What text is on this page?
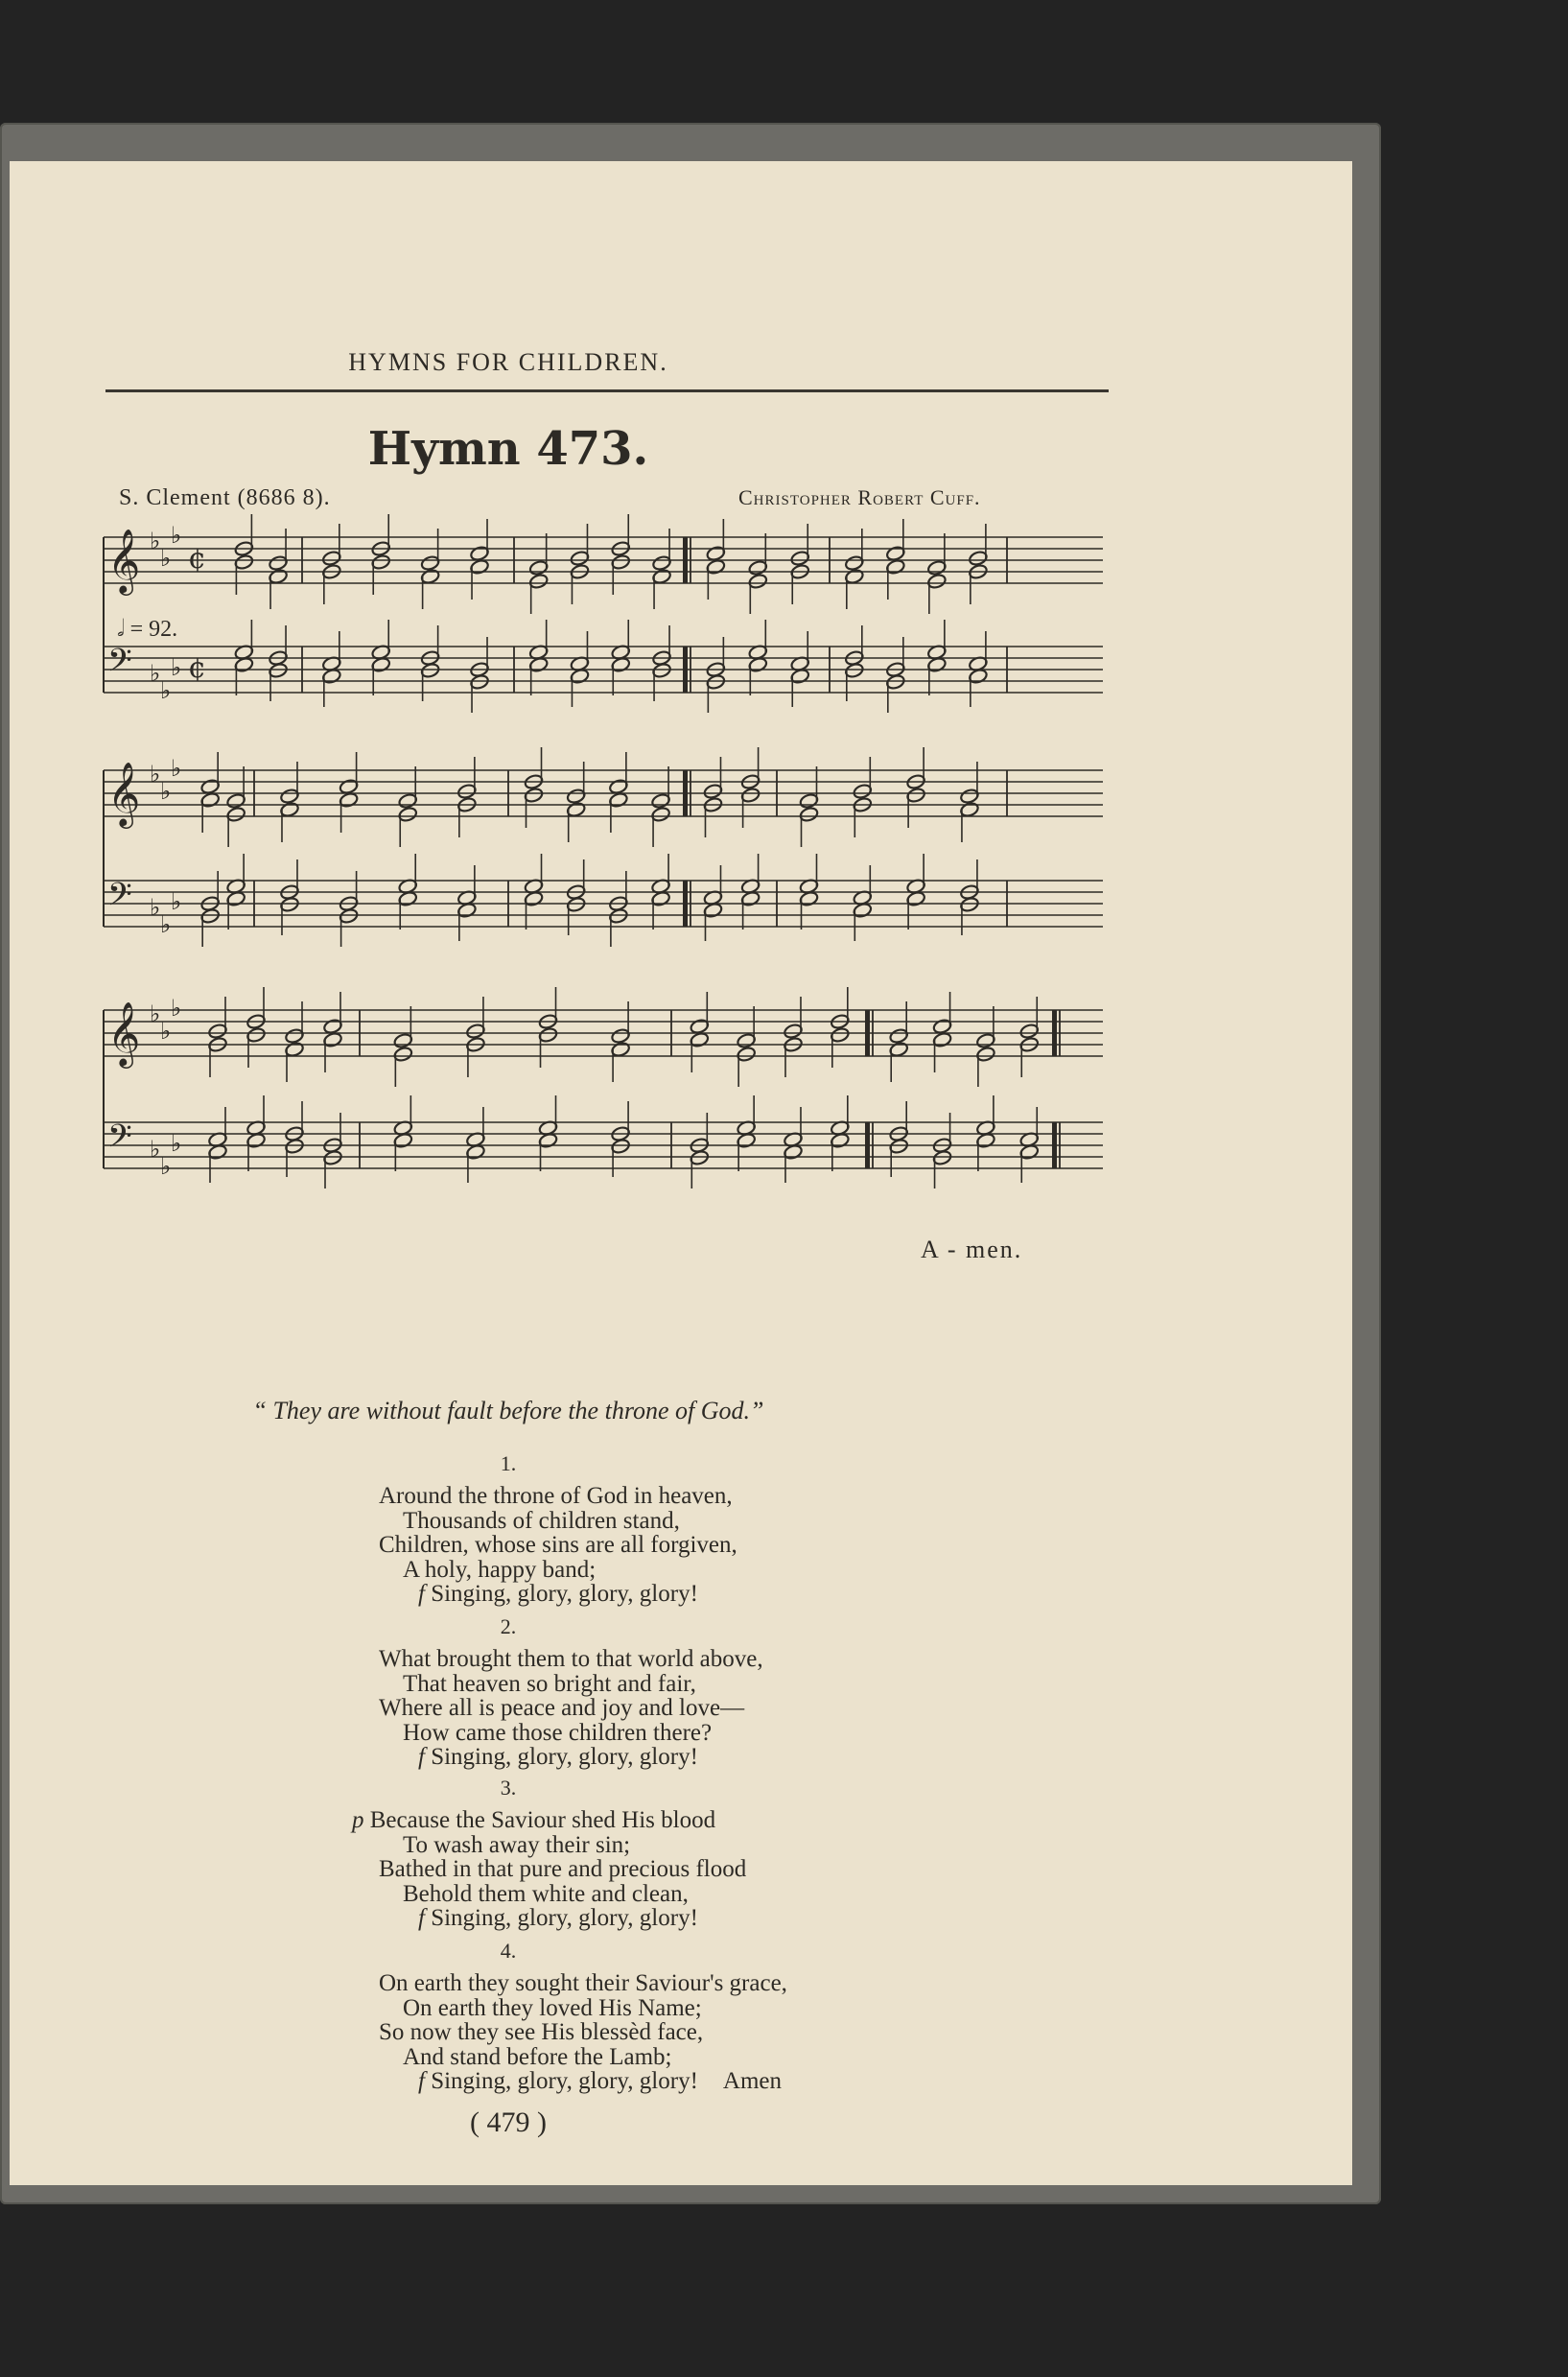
HYMNS FOR CHILDREN.
Hymn 473.
S. Clement (8686 8).	Christopher Robert Cuff.
𝄞 ♭
♭
♭
¢
𝄢 ♭
♭
♭ ¢
𝄞 ♭
♭
♭
𝄢 ♭
♭
♭
𝄞 ♭
♭
♭
𝄢 ♭
♭
♭
𝅗𝅥 = 92.
A - men.
“ They are without fault before the throne of God.”
1.
Around the throne of God in heaven,
Thousands of children stand,
Children, whose sins are all forgiven,
A holy, happy band;
f Singing, glory, glory, glory!
2.
What brought them to that world above,
That heaven so bright and fair,
Where all is peace and joy and love—
How came those children there?
f Singing, glory, glory, glory!
3.
p Because the Saviour shed His blood
To wash away their sin;
Bathed in that pure and precious flood
Behold them white and clean,
f Singing, glory, glory, glory!
4.
On earth they sought their Saviour's grace,
On earth they loved His Name;
So now they see His blessèd face,
And stand before the Lamb;
f Singing, glory, glory, glory! Amen
( 479 )
